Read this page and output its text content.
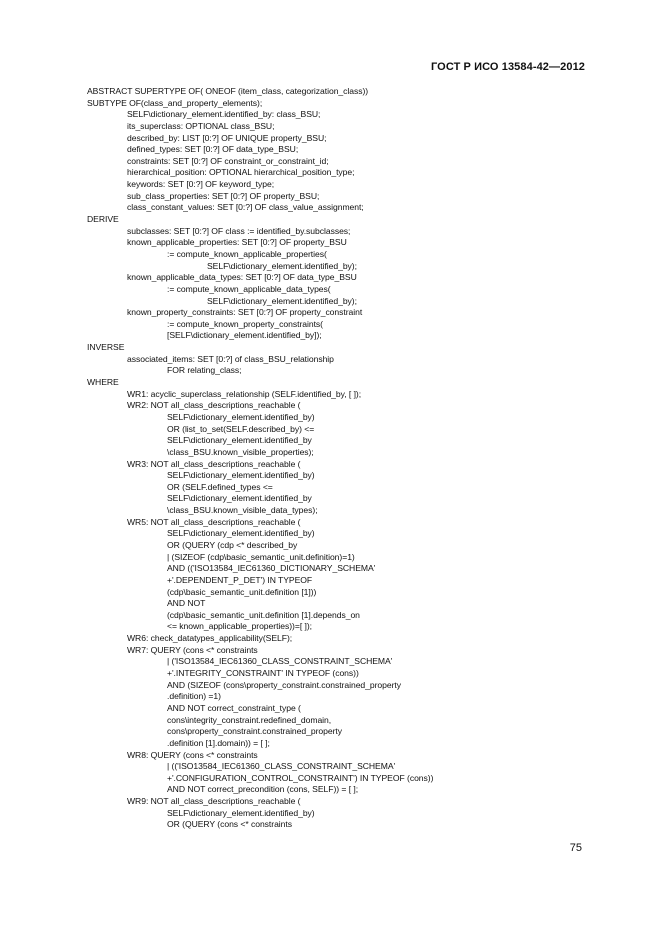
ГОСТ Р ИСО 13584-42—2012
ABSTRACT SUPERTYPE OF( ONEOF (item_class, categorization_class))
SUBTYPE OF(class_and_property_elements);
SELF\dictionary_element.identified_by: class_BSU;
its_superclass: OPTIONAL class_BSU;
described_by: LIST [0:?] OF UNIQUE property_BSU;
defined_types: SET [0:?] OF data_type_BSU;
constraints: SET [0:?] OF constraint_or_constraint_id;
hierarchical_position: OPTIONAL hierarchical_position_type;
keywords: SET [0:?] OF keyword_type;
sub_class_properties: SET [0:?] OF property_BSU;
class_constant_values: SET [0:?] OF class_value_assignment;
DERIVE
subclasses: SET [0:?] OF class := identified_by.subclasses;
known_applicable_properties: SET [0:?] OF property_BSU
:= compute_known_applicable_properties(
SELF\dictionary_element.identified_by);
known_applicable_data_types: SET [0:?] OF data_type_BSU
:= compute_known_applicable_data_types(
SELF\dictionary_element.identified_by);
known_property_constraints: SET [0:?] OF property_constraint
:= compute_known_property_constraints(
[SELF\dictionary_element.identified_by]);
INVERSE
associated_items: SET [0:?] of class_BSU_relationship
FOR relating_class;
WHERE
WR1: acyclic_superclass_relationship (SELF.identified_by, [ ]);
WR2: NOT all_class_descriptions_reachable (
SELF\dictionary_element.identified_by)
OR (list_to_set(SELF.described_by) <=
SELF\dictionary_element.identified_by
\class_BSU.known_visible_properties);
WR3: NOT all_class_descriptions_reachable (
SELF\dictionary_element.identified_by)
OR (SELF.defined_types <=
SELF\dictionary_element.identified_by
\class_BSU.known_visible_data_types);
WR5: NOT all_class_descriptions_reachable (
SELF\dictionary_element.identified_by)
OR (QUERY (cdp <* described_by
| (SIZEOF (cdp\basic_semantic_unit.definition)=1)
AND (('ISO13584_IEC61360_DICTIONARY_SCHEMA'
+'.DEPENDENT_P_DET') IN TYPEOF
(cdp\basic_semantic_unit.definition [1]))
AND NOT
(cdp\basic_semantic_unit.definition [1].depends_on
<= known_applicable_properties))=[ ]);
WR6: check_datatypes_applicability(SELF);
WR7: QUERY (cons <* constraints
| ('ISO13584_IEC61360_CLASS_CONSTRAINT_SCHEMA'
+'.INTEGRITY_CONSTRAINT' IN TYPEOF (cons))
AND (SIZEOF (cons\property_constraint.constrained_property
.definition) =1)
AND NOT correct_constraint_type (
cons\integrity_constraint.redefined_domain,
cons\property_constraint.constrained_property
.definition [1].domain)) = [ ];
WR8: QUERY (cons <* constraints
| (('ISO13584_IEC61360_CLASS_CONSTRAINT_SCHEMA'
+'.CONFIGURATION_CONTROL_CONSTRAINT') IN TYPEOF (cons))
AND NOT correct_precondition (cons, SELF)) = [ ];
WR9: NOT all_class_descriptions_reachable (
SELF\dictionary_element.identified_by)
OR (QUERY (cons <* constraints
75
